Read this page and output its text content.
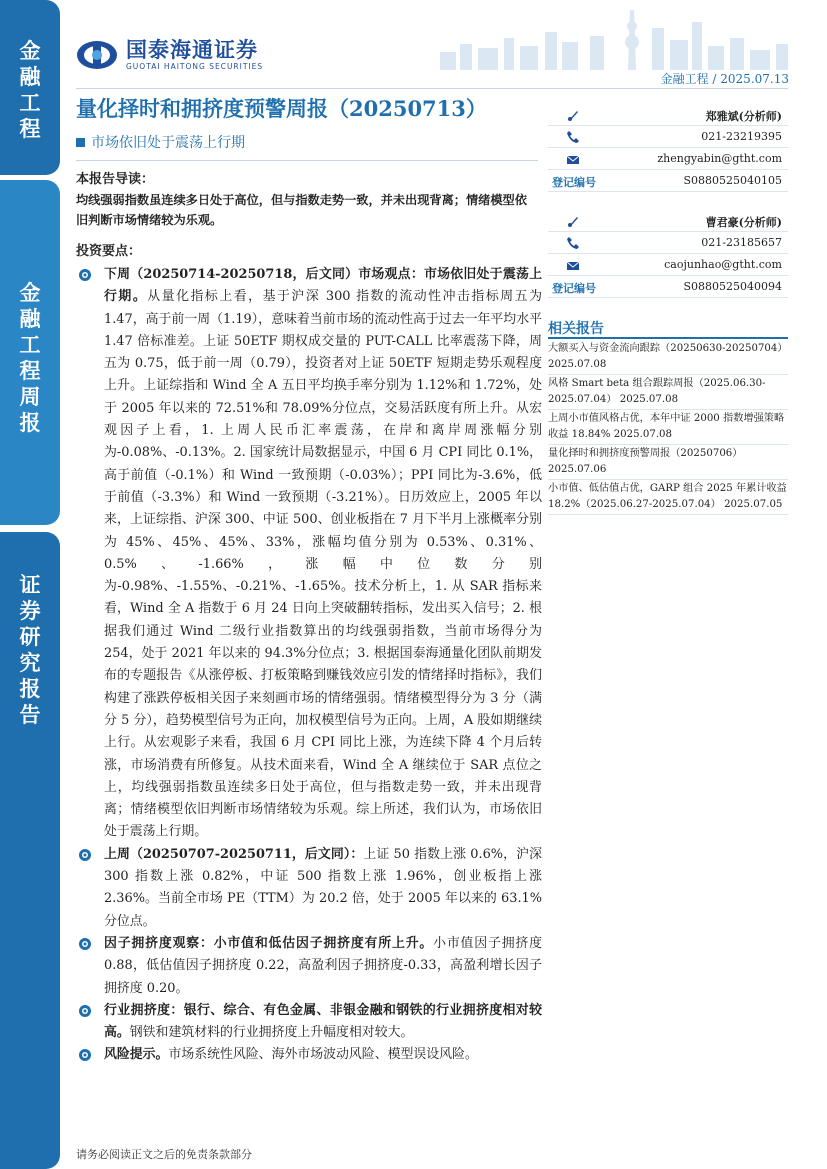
金融工程
金融工程周报
证券研究报告
国泰海通证券
GUOTAI HAITONG SECURITIES
金融工程 / 2025.07.13
量化择时和拥挤度预警周报（20250713）
市场依旧处于震荡上行期
郑雅斌(分析师)
021-23219395
zhengyabin@gtht.com
登记编号	S0880525040105
曹君豪(分析师)
021-23185657
caojunhao@gtht.com
登记编号	S0880525040094
相关报告
大额买入与资金流向跟踪（20250630-20250704） 2025.07.08
风格 Smart beta 组合跟踪周报（2025.06.30-2025.07.04） 2025.07.08
上周小市值风格占优，本年中证 2000 指数增强策略收益 18.84% 2025.07.08
量化择时和拥挤度预警周报（20250706） 2025.07.06
小市值、低估值占优，GARP 组合 2025 年累计收益 18.2%（2025.06.27-2025.07.04） 2025.07.05
本报告导读：
均线强弱指数虽连续多日处于高位，但与指数走势一致，并未出现背离；情绪模型依旧判断市场情绪较为乐观。
投资要点：
下周（20250714-20250718，后文同）市场观点：市场依旧处于震荡上行期。从量化指标上看，基于沪深 300 指数的流动性冲击指标周五为 1.47，高于前一周（1.19），意味着当前市场的流动性高于过去一年平均水平 1.47 倍标准差。上证 50ETF 期权成交量的 PUT-CALL 比率震荡下降，周五为 0.75，低于前一周（0.79），投资者对上证 50ETF 短期走势乐观程度上升。上证综指和 Wind 全 A 五日平均换手率分别为 1.12%和 1.72%，处于 2005 年以来的 72.51%和 78.09%分位点，交易活跃度有所上升。从宏观因子上看，1. 上周人民币汇率震荡，在岸和离岸周涨幅分别为-0.08%、-0.13%。2. 国家统计局数据显示，中国 6 月 CPI 同比 0.1%，高于前值（-0.1%）和 Wind 一致预期（-0.03%）；PPI 同比为-3.6%，低于前值（-3.3%）和 Wind 一致预期（-3.21%）。日历效应上，2005 年以来，上证综指、沪深 300、中证 500、创业板指在 7 月下半月上涨概率分别为 45%、45%、45%、33%，涨幅均值分别为 0.53%、0.31%、0.5%、-1.66%，涨幅中位数分别为-0.98%、-1.55%、-0.21%、-1.65%。技术分析上，1. 从 SAR 指标来看，Wind 全 A 指数于 6 月 24 日向上突破翻转指标，发出买入信号；2. 根据我们通过 Wind 二级行业指数算出的均线强弱指数，当前市场得分为 254，处于 2021 年以来的 94.3%分位点；3. 根据国泰海通量化团队前期发布的专题报告《从涨停板、打板策略到赚钱效应引发的情绪择时指标》，我们构建了涨跌停板相关因子来刻画市场的情绪强弱。情绪模型得分为 3 分（满分 5 分），趋势模型信号为正向，加权模型信号为正向。上周，A 股如期继续上行。从宏观影子来看，我国 6 月 CPI 同比上涨，为连续下降 4 个月后转涨，市场消费有所修复。从技术面来看，Wind 全 A 继续位于 SAR 点位之上，均线强弱指数虽连续多日处于高位，但与指数走势一致，并未出现背离；情绪模型依旧判断市场情绪较为乐观。综上所述，我们认为，市场依旧处于震荡上行期。
上周（20250707-20250711，后文同）：上证 50 指数上涨 0.6%，沪深 300 指数上涨 0.82%，中证 500 指数上涨 1.96%，创业板指上涨 2.36%。当前全市场 PE（TTM）为 20.2 倍，处于 2005 年以来的 63.1%分位点。
因子拥挤度观察：小市值和低估因子拥挤度有所上升。小市值因子拥挤度 0.88，低估值因子拥挤度 0.22，高盈利因子拥挤度-0.33，高盈利增长因子拥挤度 0.20。
行业拥挤度：银行、综合、有色金属、非银金融和钢铁的行业拥挤度相对较高。钢铁和建筑材料的行业拥挤度上升幅度相对较大。
风险提示。市场系统性风险、海外市场波动风险、模型误设风险。
请务必阅读正文之后的免责条款部分
